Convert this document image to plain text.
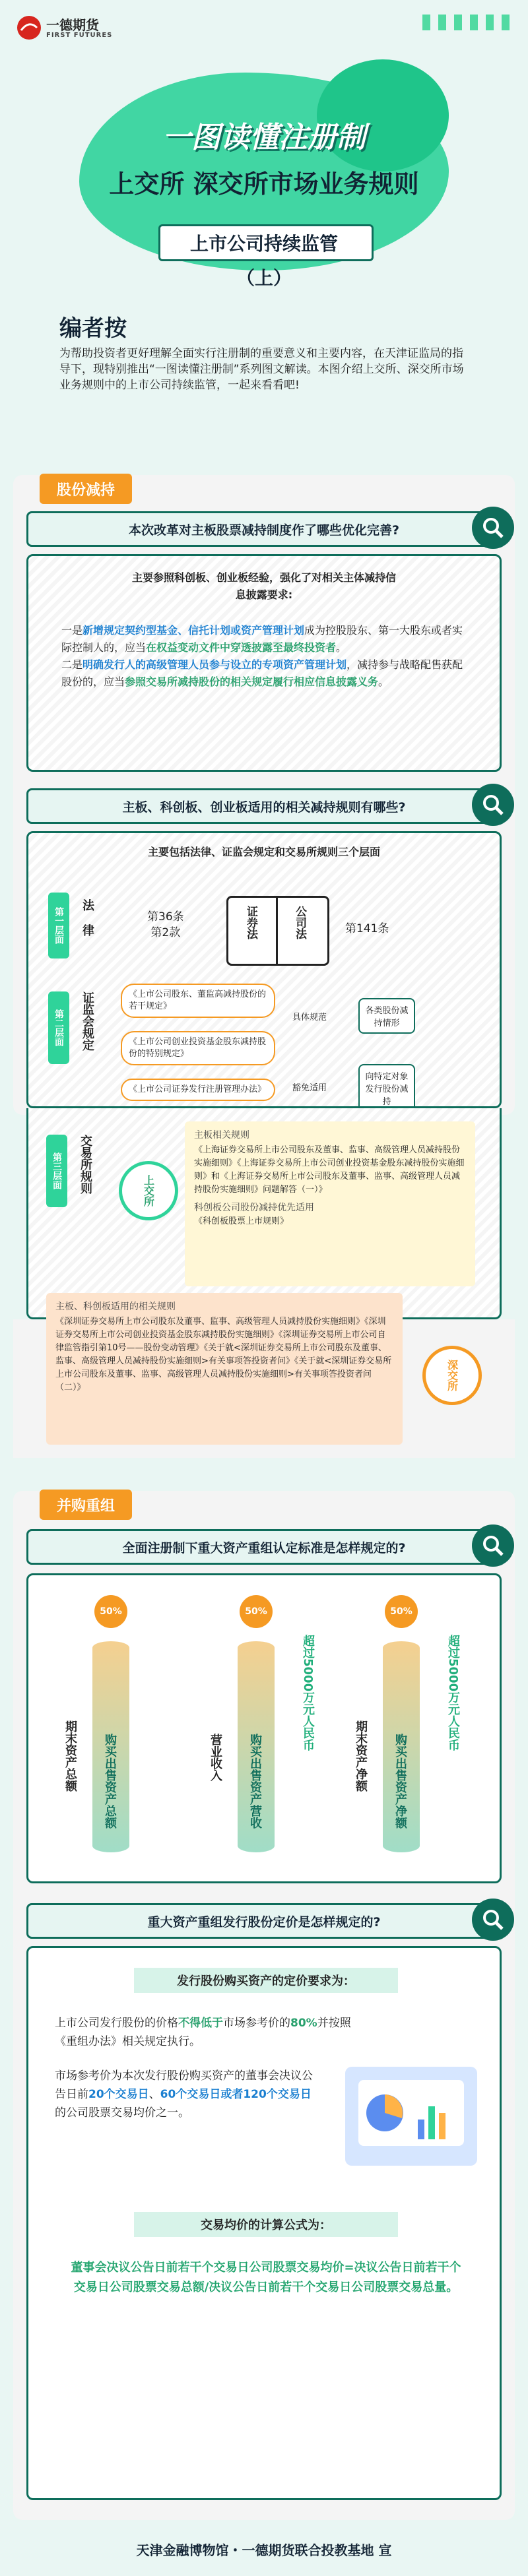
一德期货
FIRST FUTURES
一图读懂注册制
上交所 深交所市场业务规则
上市公司持续监管
（上）
编者按
为帮助投资者更好理解全面实行注册制的重要意义和主要内容，在天津证监局的指导下，现特别推出“一图读懂注册制”系列图文解读。本图介绍上交所、深交所市场业务规则中的上市公司持续监管，一起来看看吧!
股份减持
本次改革对主板股票减持制度作了哪些优化完善?
主要参照科创板、创业板经验，强化了对相关主体减持信息披露要求:
一是新增规定契约型基金、信托计划或资产管理计划成为控股股东、第一大股东或者实际控制人的，应当在权益变动文件中穿透披露至最终投资者。
二是明确发行人的高级管理人员参与设立的专项资产管理计划，减持参与战略配售获配股份的，应当参照交易所减持股份的相关规定履行相应信息披露义务。
主板、科创板、创业板适用的相关减持规则有哪些?
主要包括法律、证监会规定和交易所规则三个层面
第一层面 法律	第36条
第2款	证券法	公司法	第141条
第二层面 证监会规定	《上市公司股东、董监高减持股份的若干规定》
《上市公司创业投资基金股东减持股份的特别规定》
《上市公司证券发行注册管理办法》
具体规范
豁免适用
各类股份减持情形
向特定对象发行股份减持
第三层面 交易所规则	上交所
主板相关规则
《上海证券交易所上市公司股东及董事、监事、高级管理人员减持股份实施细则》《上海证券交易所上市公司创业投资基金股东减持股份实施细则》和《上海证券交易所上市公司股东及董事、监事、高级管理人员减持股份实施细则》问题解答（一）》
科创板公司股份减持优先适用
《科创板股票上市规则》
主板、科创板适用的相关规则
《深圳证券交易所上市公司股东及董事、监事、高级管理人员减持股份实施细则》《深圳证券交易所上市公司创业投资基金股东减持股份实施细则》《深圳证券交易所上市公司自律监管指引第10号——股份变动管理》《关于就<深圳证券交易所上市公司股东及董事、监事、高级管理人员减持股份实施细则>有关事项答投资者问》《关于就<深圳证券交易所上市公司股东及董事、监事、高级管理人员减持股份实施细则>有关事项答投资者问（二）》	深交所
并购重组
全面注册制下重大资产重组认定标准是怎样规定的?
50%
期末资产总额 购买出售资产总额
50%
营业收入 购买出售资产营收
超过5000万元人民币
50%
期末资产净额 购买出售资产净额
超过5000万元人民币
重大资产重组发行股份定价是怎样规定的?
发行股份购买资产的定价要求为：
上市公司发行股份的价格不得低于市场参考价的80%并按照《重组办法》相关规定执行。
市场参考价为本次发行股份购买资产的董事会决议公告日前20个交易日、60个交易日或者120个交易日的公司股票交易均价之一。
交易均价的计算公式为：
董事会决议公告日前若干个交易日公司股票交易均价=决议公告日前若干个交易日公司股票交易总额/决议公告日前若干个交易日公司股票交易总量。
天津金融博物馆・一德期货联合投教基地 宣
